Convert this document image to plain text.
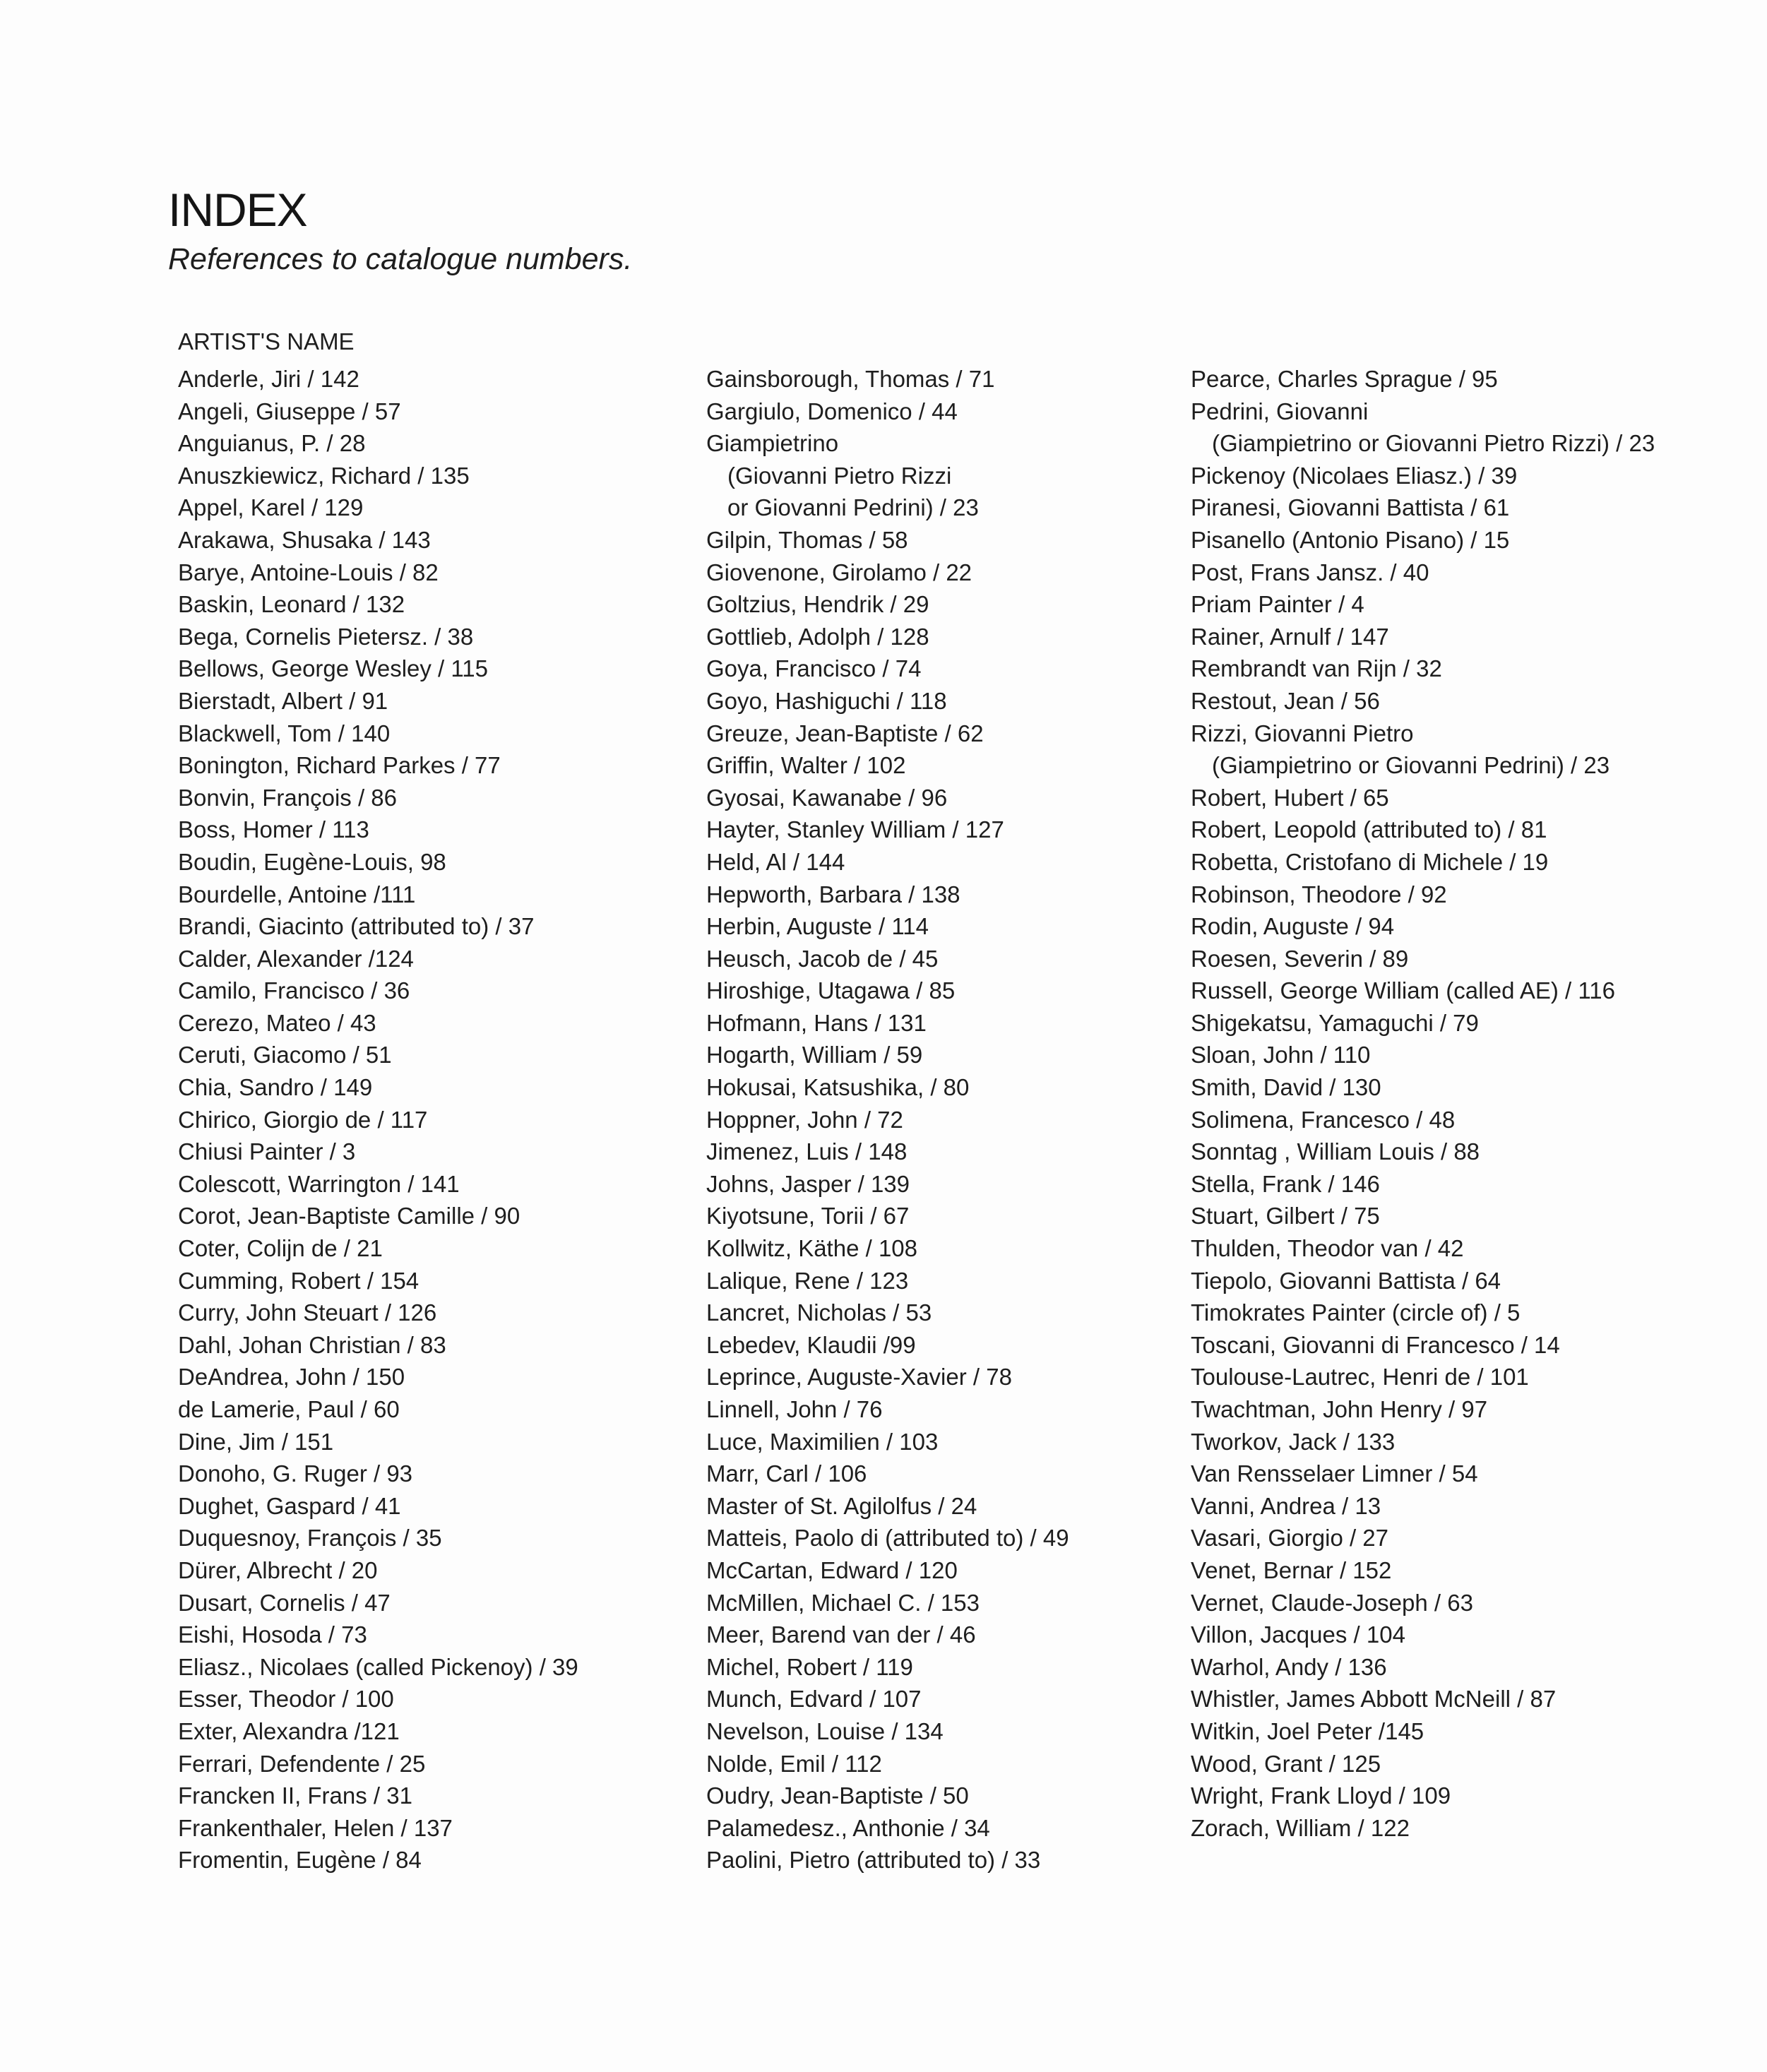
INDEX
References to catalogue numbers.
ARTIST'S NAME
Anderle, Jiri / 142
Angeli, Giuseppe / 57
Anguianus, P. / 28
Anuszkiewicz, Richard / 135
Appel, Karel / 129
Arakawa, Shusaka / 143
Barye, Antoine-Louis / 82
Baskin, Leonard / 132
Bega, Cornelis Pietersz. / 38
Bellows, George Wesley / 115
Bierstadt, Albert / 91
Blackwell, Tom / 140
Bonington, Richard Parkes / 77
Bonvin, François / 86
Boss, Homer / 113
Boudin, Eugène-Louis, 98
Bourdelle, Antoine /111
Brandi, Giacinto (attributed to) / 37
Calder, Alexander /124
Camilo, Francisco / 36
Cerezo, Mateo / 43
Ceruti, Giacomo / 51
Chia, Sandro / 149
Chirico, Giorgio de / 117
Chiusi Painter / 3
Colescott, Warrington / 141
Corot, Jean-Baptiste Camille / 90
Coter, Colijn de / 21
Cumming, Robert / 154
Curry, John Steuart / 126
Dahl, Johan Christian / 83
DeAndrea, John / 150
de Lamerie, Paul / 60
Dine, Jim / 151
Donoho, G. Ruger / 93
Dughet, Gaspard / 41
Duquesnoy, François / 35
Dürer, Albrecht / 20
Dusart, Cornelis / 47
Eishi, Hosoda / 73
Eliasz., Nicolaes (called Pickenoy) / 39
Esser, Theodor / 100
Exter, Alexandra /121
Ferrari, Defendente / 25
Francken II, Frans / 31
Frankenthaler, Helen / 137
Fromentin, Eugène / 84
Gainsborough, Thomas / 71
Gargiulo, Domenico / 44
Giampietrino
(Giovanni Pietro Rizzi
or Giovanni Pedrini) / 23
Gilpin, Thomas / 58
Giovenone, Girolamo / 22
Goltzius, Hendrik / 29
Gottlieb, Adolph / 128
Goya, Francisco / 74
Goyo, Hashiguchi / 118
Greuze, Jean-Baptiste / 62
Griffin, Walter / 102
Gyosai, Kawanabe / 96
Hayter, Stanley William / 127
Held, Al / 144
Hepworth, Barbara / 138
Herbin, Auguste / 114
Heusch, Jacob de / 45
Hiroshige, Utagawa / 85
Hofmann, Hans / 131
Hogarth, William / 59
Hokusai, Katsushika, / 80
Hoppner, John / 72
Jimenez, Luis / 148
Johns, Jasper / 139
Kiyotsune, Torii / 67
Kollwitz, Käthe / 108
Lalique, Rene / 123
Lancret, Nicholas / 53
Lebedev, Klaudii /99
Leprince, Auguste-Xavier / 78
Linnell, John / 76
Luce, Maximilien / 103
Marr, Carl / 106
Master of St. Agilolfus / 24
Matteis, Paolo di (attributed to) / 49
McCartan, Edward / 120
McMillen, Michael C. / 153
Meer, Barend van der / 46
Michel, Robert / 119
Munch, Edvard / 107
Nevelson, Louise / 134
Nolde, Emil / 112
Oudry, Jean-Baptiste / 50
Palamedesz., Anthonie / 34
Paolini, Pietro (attributed to) / 33
Pearce, Charles Sprague / 95
Pedrini, Giovanni
(Giampietrino or Giovanni Pietro Rizzi) / 23
Pickenoy (Nicolaes Eliasz.) / 39
Piranesi, Giovanni Battista / 61
Pisanello (Antonio Pisano) / 15
Post, Frans Jansz. / 40
Priam Painter / 4
Rainer, Arnulf / 147
Rembrandt van Rijn / 32
Restout, Jean / 56
Rizzi, Giovanni Pietro
(Giampietrino or Giovanni Pedrini) / 23
Robert, Hubert / 65
Robert, Leopold (attributed to) / 81
Robetta, Cristofano di Michele / 19
Robinson, Theodore / 92
Rodin, Auguste / 94
Roesen, Severin / 89
Russell, George William (called AE) / 116
Shigekatsu, Yamaguchi / 79
Sloan, John / 110
Smith, David / 130
Solimena, Francesco / 48
Sonntag , William Louis / 88
Stella, Frank / 146
Stuart, Gilbert / 75
Thulden, Theodor van / 42
Tiepolo, Giovanni Battista / 64
Timokrates Painter (circle of) / 5
Toscani, Giovanni di Francesco / 14
Toulouse-Lautrec, Henri de / 101
Twachtman, John Henry / 97
Tworkov, Jack / 133
Van Rensselaer Limner / 54
Vanni, Andrea / 13
Vasari, Giorgio / 27
Venet, Bernar / 152
Vernet, Claude-Joseph / 63
Villon, Jacques / 104
Warhol, Andy / 136
Whistler, James Abbott McNeill / 87
Witkin, Joel Peter /145
Wood, Grant / 125
Wright, Frank Lloyd / 109
Zorach, William / 122
